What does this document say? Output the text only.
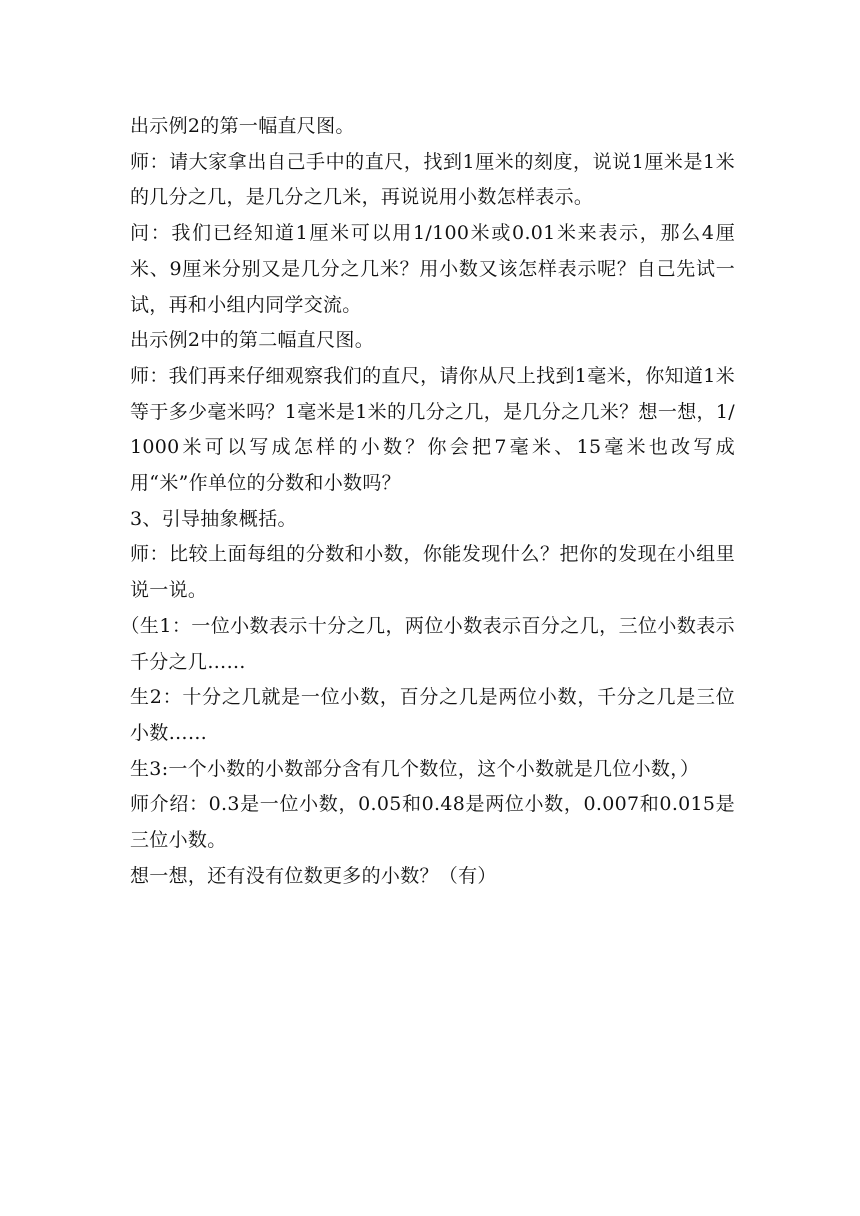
出示例2的第一幅直尺图。

师：请大家拿出自己手中的直尺，找到1厘米的刻度，说说1厘米是1米的几分之几，是几分之几米，再说说用小数怎样表示。

问：我们已经知道1厘米可以用1/100米或0.01米来表示，那么4厘米、9厘米分别又是几分之几米？用小数又该怎样表示呢？自己先试一试，再和小组内同学交流。

出示例2中的第二幅直尺图。

师：我们再来仔细观察我们的直尺，请你从尺上找到1毫米，你知道1米等于多少毫米吗？1毫米是1米的几分之几，是几分之几米？想一想，1/1000米可以写成怎样的小数？你会把7毫米、15毫米也改写成用“米”作单位的分数和小数吗？

3、引导抽象概括。

师：比较上面每组的分数和小数，你能发现什么？把你的发现在小组里说一说。

（生1：一位小数表示十分之几，两位小数表示百分之几，三位小数表示千分之几……

生2：十分之几就是一位小数，百分之几是两位小数，千分之几是三位小数……

生3:一个小数的小数部分含有几个数位，这个小数就是几位小数，）

师介绍：0.3是一位小数，0.05和0.48是两位小数，0.007和0.015是三位小数。

想一想，还有没有位数更多的小数？（有）
